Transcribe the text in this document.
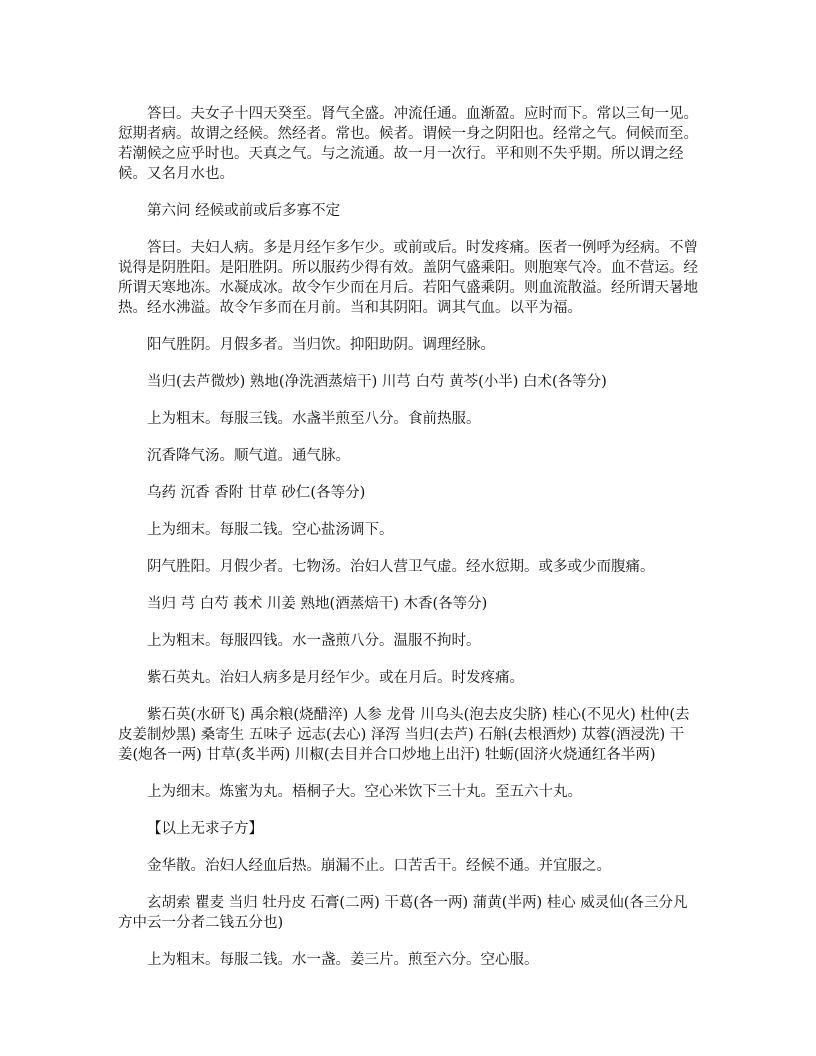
答曰。夫女子十四天癸至。肾气全盛。冲流任通。血渐盈。应时而下。常以三旬一见。愆期者病。故谓之经候。然经者。常也。候者。谓候一身之阴阳也。经常之气。伺候而至。若潮候之应乎时也。天真之气。与之流通。故一月一次行。平和则不失乎期。所以谓之经候。又名月水也。

第六问 经候或前或后多寡不定

答曰。夫妇人病。多是月经乍多乍少。或前或后。时发疼痛。医者一例呼为经病。不曾说得是阴胜阳。是阳胜阴。所以服药少得有效。盖阴气盛乘阳。则胞寒气冷。血不营运。经所谓天寒地冻。水凝成冰。故令乍少而在月后。若阳气盛乘阴。则血流散溢。经所谓天暑地热。经水沸溢。故令乍多而在月前。当和其阴阳。调其气血。以平为福。

阳气胜阴。月假多者。当归饮。抑阳助阴。调理经脉。

当归(去芦微炒) 熟地(净洗酒蒸焙干) 川芎 白芍 黄芩(小半) 白术(各等分)

上为粗末。每服三钱。水盏半煎至八分。食前热服。

沉香降气汤。顺气道。通气脉。

乌药 沉香 香附 甘草 砂仁(各等分)

上为细末。每服二钱。空心盐汤调下。

阴气胜阳。月假少者。七物汤。治妇人营卫气虚。经水愆期。或多或少而腹痛。

当归 芎 白芍 莪术 川姜 熟地(酒蒸焙干) 木香(各等分)

上为粗末。每服四钱。水一盏煎八分。温服不拘时。

紫石英丸。治妇人病多是月经乍少。或在月后。时发疼痛。

紫石英(水研飞) 禹余粮(烧醋淬) 人参 龙骨 川乌头(泡去皮尖脐) 桂心(不见火) 杜仲(去皮姜制炒黑) 桑寄生 五味子 远志(去心) 泽泻 当归(去芦) 石斛(去根酒炒) 苁蓉(酒浸洗) 干姜(炮各一两) 甘草(炙半两) 川椒(去目并合口炒地上出汗) 牡蛎(固济火烧通红各半两)

上为细末。炼蜜为丸。梧桐子大。空心米饮下三十丸。至五六十丸。

【以上无求子方】

金华散。治妇人经血后热。崩漏不止。口苦舌干。经候不通。并宜服之。

玄胡索 瞿麦 当归 牡丹皮 石膏(二两) 干葛(各一两) 蒲黄(半两) 桂心 威灵仙(各三分凡方中云一分者二钱五分也)

上为粗末。每服二钱。水一盏。姜三片。煎至六分。空心服。
